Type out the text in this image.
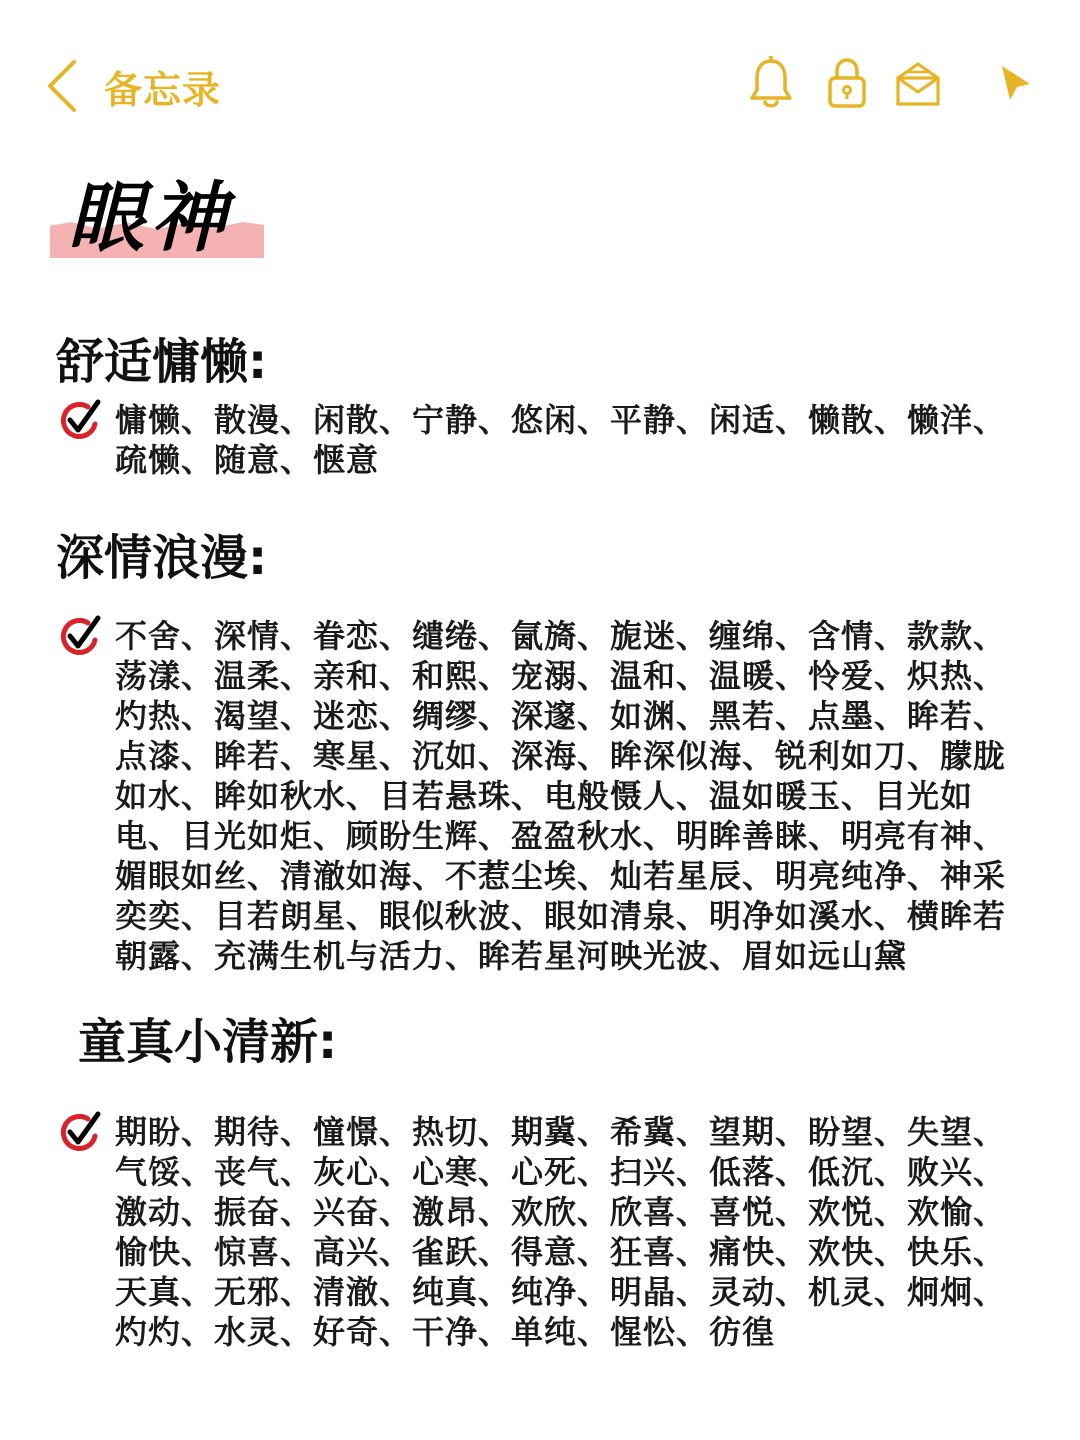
备忘录
眼神
舒适慵懒:
慵懒、散漫、闲散、宁静、悠闲、平静、闲适、懒散、懒洋、疏懒、随意、惬意
深情浪漫:
不舍、深情、眷恋、缱绻、氤旖、旎迷、缠绵、含情、款款、荡漾、温柔、亲和、和熙、宠溺、温和、温暖、怜爱、炽热、灼热、渴望、迷恋、绸缪、深邃、如渊、黑若、点墨、眸若、点漆、眸若、寒星、沉如、深海、眸深似海、锐利如刀、朦胧如水、眸如秋水、目若悬珠、电般慑人、温如暖玉、目光如电、目光如炬、顾盼生辉、盈盈秋水、明眸善睐、明亮有神、媚眼如丝、清澈如海、不惹尘埃、灿若星辰、明亮纯净、神采奕奕、目若朗星、眼似秋波、眼如清泉、明净如溪水、横眸若朝露、充满生机与活力、眸若星河映光波、眉如远山黛
童真小清新:
期盼、期待、憧憬、热切、期冀、希冀、望期、盼望、失望、气馁、丧气、灰心、心寒、心死、扫兴、低落、低沉、败兴、激动、振奋、兴奋、激昂、欢欣、欣喜、喜悦、欢悦、欢愉、愉快、惊喜、高兴、雀跃、得意、狂喜、痛快、欢快、快乐、天真、无邪、清澈、纯真、纯净、明晶、灵动、机灵、炯炯、灼灼、水灵、好奇、干净、单纯、惺忪、彷徨
